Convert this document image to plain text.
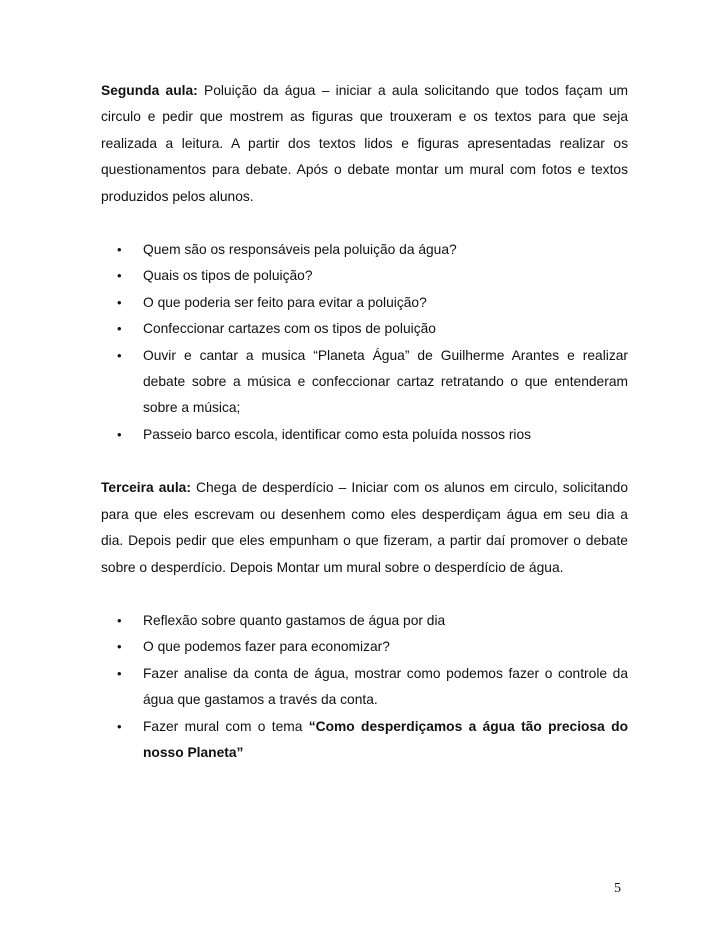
Segunda aula: Poluição da água – iniciar a aula solicitando que todos façam um circulo e pedir que mostrem as figuras que trouxeram e os textos para que seja realizada a leitura. A partir dos textos lidos e figuras apresentadas realizar os questionamentos para debate. Após o debate montar um mural com fotos e textos produzidos pelos alunos.

• Quem são os responsáveis pela poluição da água?
• Quais os tipos de poluição?
• O que poderia ser feito para evitar a poluição?
• Confeccionar cartazes com os tipos de poluição
• Ouvir e cantar a musica “Planeta Água” de Guilherme Arantes e realizar debate sobre a música e confeccionar cartaz retratando o que entenderam sobre a música;
• Passeio barco escola, identificar como esta poluída nossos rios

Terceira aula: Chega de desperdício – Iniciar com os alunos em circulo, solicitando para que eles escrevam ou desenhem como eles desperdiçam água em seu dia a dia. Depois pedir que eles empunham o que fizeram, a partir daí promover o debate sobre o desperdício. Depois Montar um mural sobre o desperdício de água.

• Reflexão sobre quanto gastamos de água por dia
• O que podemos fazer para economizar?
• Fazer analise da conta de água, mostrar como podemos fazer o controle da água que gastamos a través da conta.
• Fazer mural com o tema “Como desperdiçamos a água tão preciosa do nosso Planeta”
5
